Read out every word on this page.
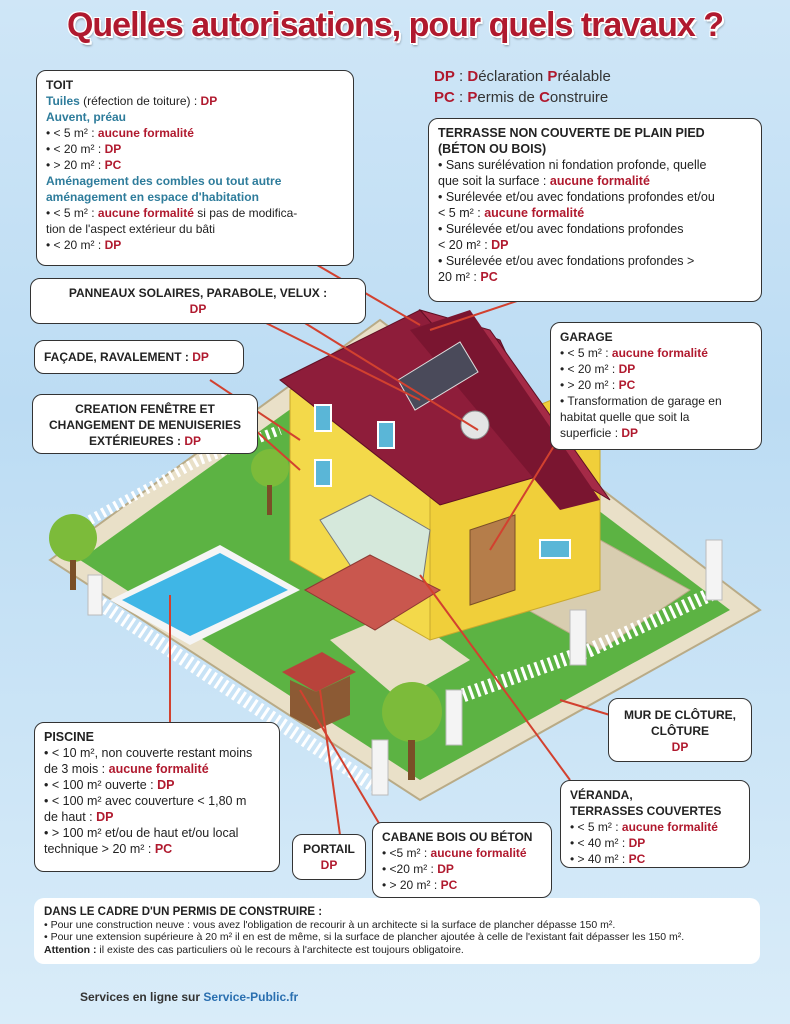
Quelles autorisations, pour quels travaux ?
DP : Déclaration Préalable
PC : Permis de Construire
TOIT
Tuiles (réfection de toiture) : DP
Auvent, préau
• < 5 m² : aucune formalité
• < 20 m² : DP
• > 20 m² : PC
Aménagement des combles ou tout autre
aménagement en espace d'habitation
• < 5 m² : aucune formalité si pas de modifica-
tion de l'aspect extérieur du bâti
• < 20 m² : DP
TERRASSE NON COUVERTE DE PLAIN PIED
(BÉTON OU BOIS)
• Sans surélévation ni fondation profonde, quelle
que soit la surface : aucune formalité
• Surélevée et/ou avec fondations profondes et/ou
< 5 m² : aucune formalité
• Surélevée et/ou avec fondations profondes
< 20 m² : DP
• Surélevée et/ou avec fondations profondes >
20 m² : PC
PANNEAUX SOLAIRES, PARABOLE, VELUX :
DP
FAÇADE, RAVALEMENT : DP
CREATION FENÊTRE ET
CHANGEMENT DE MENUISERIES
EXTÉRIEURES : DP
GARAGE
• < 5 m² : aucune formalité
• < 20 m² : DP
• > 20 m² : PC
• Transformation de garage en
habitat quelle que soit la
superficie : DP
MUR DE CLÔTURE,
CLÔTURE
DP
PISCINE
• < 10 m², non couverte restant moins
de 3 mois : aucune formalité
• < 100 m² ouverte : DP
• < 100 m² avec couverture < 1,80 m
de haut : DP
• > 100 m² et/ou de haut et/ou local
technique > 20 m² : PC	PORTAIL
DP
CABANE BOIS OU BÉTON
• <5 m² : aucune formalité
• <20 m² : DP
• > 20 m² : PC
VÉRANDA,
TERRASSES COUVERTES
• < 5 m² : aucune formalité
• < 40 m² : DP
• > 40 m² : PC
DANS LE CADRE D'UN PERMIS DE CONSTRUIRE :
• Pour une construction neuve : vous avez l'obligation de recourir à un architecte si la surface de plancher dépasse 150 m².
• Pour une extension supérieure à 20 m² il en est de même, si la surface de plancher ajoutée à celle de l'existant fait dépasser les 150 m².
Attention : il existe des cas particuliers où le recours à l'architecte est toujours obligatoire.
Services en ligne sur Service-Public.fr
